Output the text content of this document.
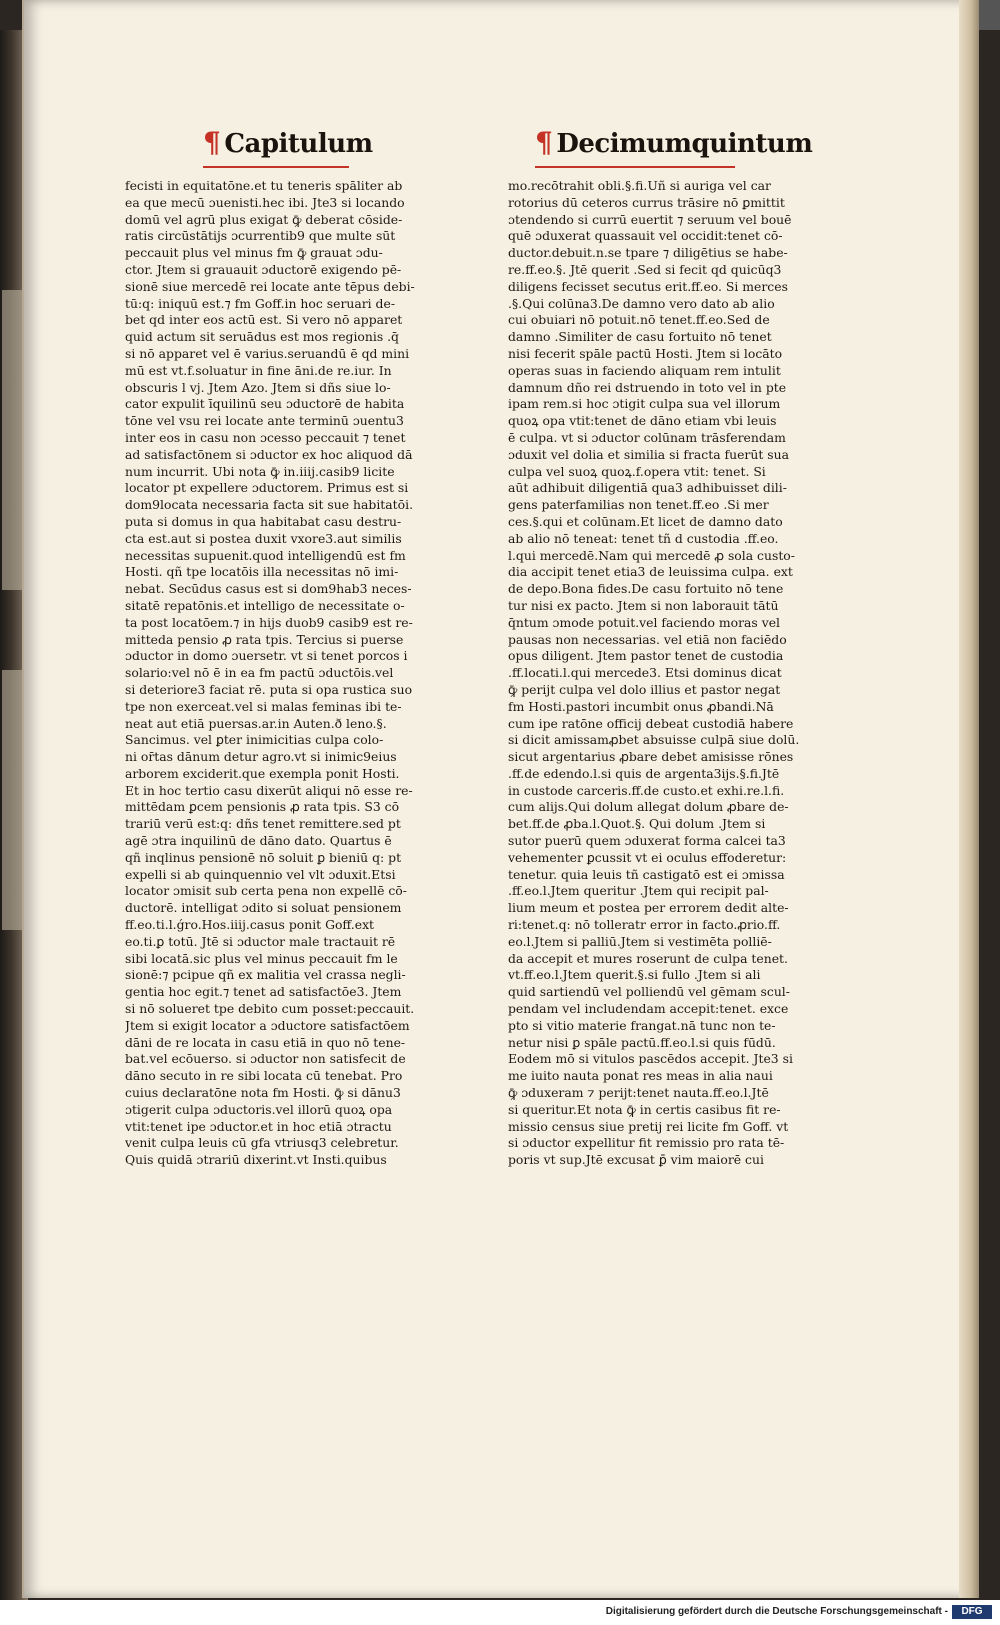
¶ Capitulum	¶ Decimumquintum
fecisti in equitatōne.et tu teneris spāliter ab
ea que mecū ɔuenisti.hec ibi. Jte3 si locando
domū vel agrū plus exigat ꝙ̄ deberat cōside-
ratis circūstātijs ɔcurrentib9 que multe sūt
peccauit plus vel minus fm ꝙ̄ grauat ɔdu-
ctor. Jtem si grauauit ɔductorē exigendo pē-
sionē siue mercedē rei locate ante tēpus debi-
tū:q: iniquū est.⁊ fm Goff.in hoc seruari de-
bet qd inter eos actū est. Si vero nō apparet
quid actum sit seruādus est mos regionis .q̄
si nō apparet vel ē varius.seruandū ē qd mini
mū est vt.f.soluatur in fine āni.de re.iur. In
obscuris l vj. Jtem Azo. Jtem si dñs siue lo-
cator expulit īquilinū seu ɔductorē de habita
tōne vel vsu rei locate ante terminū ɔuentu3
inter eos in casu non ɔcesso peccauit ⁊ tenet
ad satisfactōnem si ɔductor ex hoc aliquod dā
num incurrit. Ubi nota ꝙ̄ in.iiij.casib9 licite
locator pt expellere ɔductorem. Primus est si
dom9locata necessaria facta sit sue habitatōi.
puta si domus in qua habitabat casu destru-
cta est.aut si postea duxit vxore3.aut similis
necessitas supuenit.quod intelligendū est fm
Hosti. qñ tpe locatōis illa necessitas nō imi-
nebat. Secūdus casus est si dom9hab3 neces-
sitatē repatōnis.et intelligo de necessitate o-
ta post locatōem.⁊ in hijs duob9 casib9 est re-
mitteda pensio ꝓ rata tpis. Tercius si puerse
ɔductor in domo ɔuersetr. vt si tenet porcos i
solario:vel nō ē in ea fm pactū ɔductōis.vel
si deteriore3 faciat rē. puta si opa rustica suo
tpe non exerceat.vel si malas feminas ibi te-
neat aut etiā puersas.ar.in Auten.ð leno.§.
Sancimus. vel ꝑter inimicitias culpa colo-
ni or̄tas dānum detur agro.vt si inimic9eius
arborem exciderit.que exempla ponit Hosti.
Et in hoc tertio casu dixerūt aliqui nō esse re-
mittēdam ꝑcem pensionis ꝓ rata tpis. S3 cō
trariū verū est:q: dñs tenet remittere.sed pt
agē ɔtra inquilinū de dāno dato. Quartus ē
qñ inqlinus pensionē nō soluit ꝑ bieniū q: pt
expelli si ab quinquennio vel vlt ɔduxit.Etsi
locator ɔmisit sub certa pena non expellē cō-
ductorē. intelligat ɔdito si soluat pensionem
ff.eo.ti.l.ǵro.Hos.iiij.casus ponit Goff.ext
eo.ti.ꝑ totū. Jtē si ɔductor male tractauit rē
sibi locatā.sic plus vel minus peccauit fm le
sionē:⁊ pcipue qñ ex malitia vel crassa negli-
gentia hoc egit.⁊ tenet ad satisfactōe3. Jtem
si nō solueret tpe debito cum posset:peccauit.
Jtem si exigit locator a ɔductore satisfactōem
dāni de re locata in casu etiā in quo nō tene-
bat.vel ecōuerso. si ɔductor non satisfecit de
dāno secuto in re sibi locata cū tenebat. Pro
cuius declaratōne nota fm Hosti. ꝙ̄ si dānu3
ɔtigerit culpa ɔductoris.vel illorū quoꝝ opa
vtit:tenet ipe ɔductor.et in hoc etiā ɔtractu
venit culpa leuis cū gfa vtriusq3 celebretur.
Quis quidā ɔtrariū dixerint.vt Insti.quibus
mo.recōtrahit obli.§.fi.Uñ si auriga vel car
rotorius dū ceteros currus trāsire nō ꝑmittit
ɔtendendo si currū euertit ⁊ seruum vel bouē
quē ɔduxerat quassauit vel occidit:tenet cō-
ductor.debuit.n.se tpare ⁊ diligētius se habe-
re.ff.eo.§. Jtē querit .Sed si fecit qd quicūq3
diligens fecisset secutus erit.ff.eo. Si merces
.§.Qui colūna3.De damno vero dato ab alio
cui obuiari nō potuit.nō tenet.ff.eo.Sed de
damno .Similiter de casu fortuito nō tenet
nisi fecerit spāle pactū Hosti. Jtem si locāto
operas suas in faciendo aliquam rem intulit
damnum dño rei dstruendo in toto vel in pte
ipam rem.si hoc ɔtigit culpa sua vel illorum
quoꝝ opa vtit:tenet de dāno etiam vbi leuis
ē culpa. vt si ɔductor colūnam trāsferendam
ɔduxit vel dolia et similia si fracta fuerūt sua
culpa vel suoꝝ quoꝝ.f.opera vtit: tenet. Si
aūt adhibuit diligentiā qua3 adhibuisset dili-
gens paterfamilias non tenet.ff.eo .Si mer
ces.§.qui et colūnam.Et licet de damno dato
ab alio nō teneat: tenet tñ d custodia .ff.eo.
l.qui mercedē.Nam qui mercedē ꝓ sola custo-
dia accipit tenet etia3 de leuissima culpa. ext
de depo.Bona fides.De casu fortuito nō tene
tur nisi ex pacto. Jtem si non laborauit tātū
q̄ntum ɔmode potuit.vel faciendo moras vel
pausas non necessarias. vel etiā non faciēdo
opus diligent. Jtem pastor tenet de custodia
.ff.locati.l.qui mercede3. Etsi dominus dicat
ꝙ̄ perijt culpa vel dolo illius et pastor negat
fm Hosti.pastori incumbit onus ꝓbandi.Nā
cum ipe ratōne officij debeat custodiā habere
si dicit amissamꝓbet absuisse culpā siue dolū.
sicut argentarius ꝓbare debet amisisse rōnes
.ff.de edendo.l.si quis de argenta3ijs.§.fi.Jtē
in custode carceris.ff.de custo.et exhi.re.l.fi.
cum alijs.Qui dolum allegat dolum ꝓbare de-
bet.ff.de ꝓba.l.Quot.§. Qui dolum .Jtem si
sutor puerū quem ɔduxerat forma calcei ta3
vehementer ꝑcussit vt ei oculus effoderetur:
tenetur. quia leuis tñ castigatō est ei ɔmissa
.ff.eo.l.Jtem queritur .Jtem qui recipit pal-
lium meum et postea per errorem dedit alte-
ri:tenet.q: nō tolleratr error in facto.ꝓrio.ff.
eo.l.Jtem si palliū.Jtem si vestimēta polliē-
da accepit et mures roserunt de culpa tenet.
vt.ff.eo.l.Jtem querit.§.si fullo .Jtem si ali
quid sartiendū vel polliendū vel gēmam scul-
pendam vel includendam accepit:tenet. exce
pto si vitio materie frangat.nā tunc non te-
netur nisi ꝑ spāle pactū.ff.eo.l.si quis fūdū.
Eodem mō si vitulos pascēdos accepit. Jte3 si
me iuito nauta ponat res meas in alia naui
ꝙ̄ ɔduxeram ⁊ perijt:tenet nauta.ff.eo.l.Jtē
si queritur.Et nota ꝙ̄ in certis casibus fit re-
missio census siue pretij rei licite fm Goff. vt
si ɔductor expellitur fit remissio pro rata tē-
poris vt sup.Jtē excusat ꝑ̄ vim maiorē cui
Digitalisierung gefördert durch die Deutsche Forschungsgemeinschaft -	DFG
